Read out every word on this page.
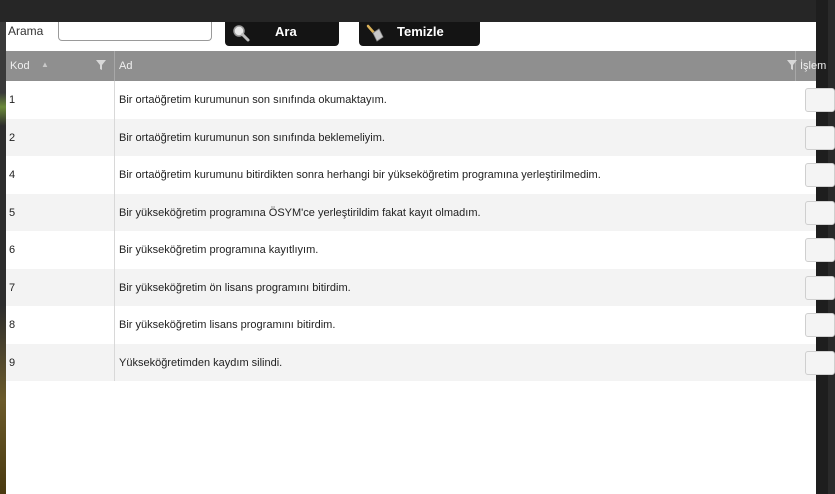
Arama	Ara	Temizle
Kod ▲	Ad	İşlem
1	Bir ortaöğretim kurumunun son sınıfında okumaktayım.
2	Bir ortaöğretim kurumunun son sınıfında beklemeliyim.
4	Bir ortaöğretim kurumunu bitirdikten sonra herhangi bir yükseköğretim programına yerleştirilmedim.
5	Bir yükseköğretim programına ÖSYM'ce yerleştirildim fakat kayıt olmadım.
6	Bir yükseköğretim programına kayıtlıyım.
7	Bir yükseköğretim ön lisans programını bitirdim.
8	Bir yükseköğretim lisans programını bitirdim.
9	Yükseköğretimden kaydım silindi.
